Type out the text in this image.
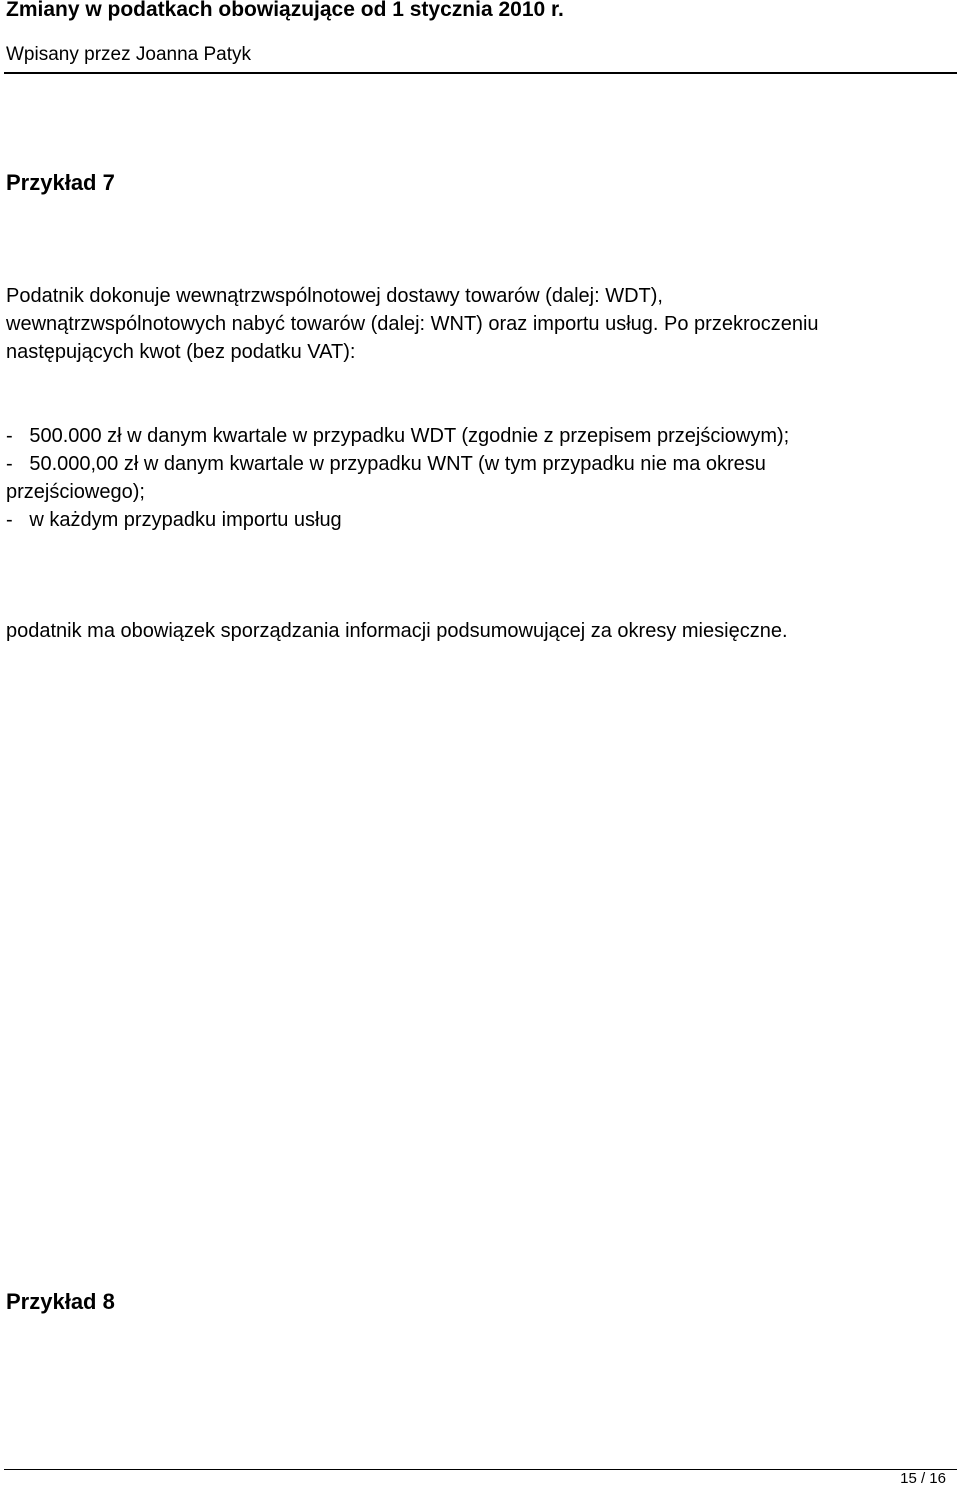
Zmiany w podatkach obowiązujące od 1 stycznia 2010 r.
Wpisany przez Joanna Patyk
Przykład 7
Podatnik dokonuje wewnątrzwspólnotowej dostawy towarów (dalej: WDT),
wewnątrzwspólnotowych nabyć towarów (dalej: WNT) oraz importu usług. Po przekroczeniu
następujących kwot (bez podatku VAT):
-   500.000 zł w danym kwartale w przypadku WDT (zgodnie z przepisem przejściowym);
-   50.000,00 zł w danym kwartale w przypadku WNT (w tym przypadku nie ma okresu
przejściowego);
-   w każdym przypadku importu usług
podatnik ma obowiązek sporządzania informacji podsumowującej za okresy miesięczne.
Przykład 8
15 / 16
